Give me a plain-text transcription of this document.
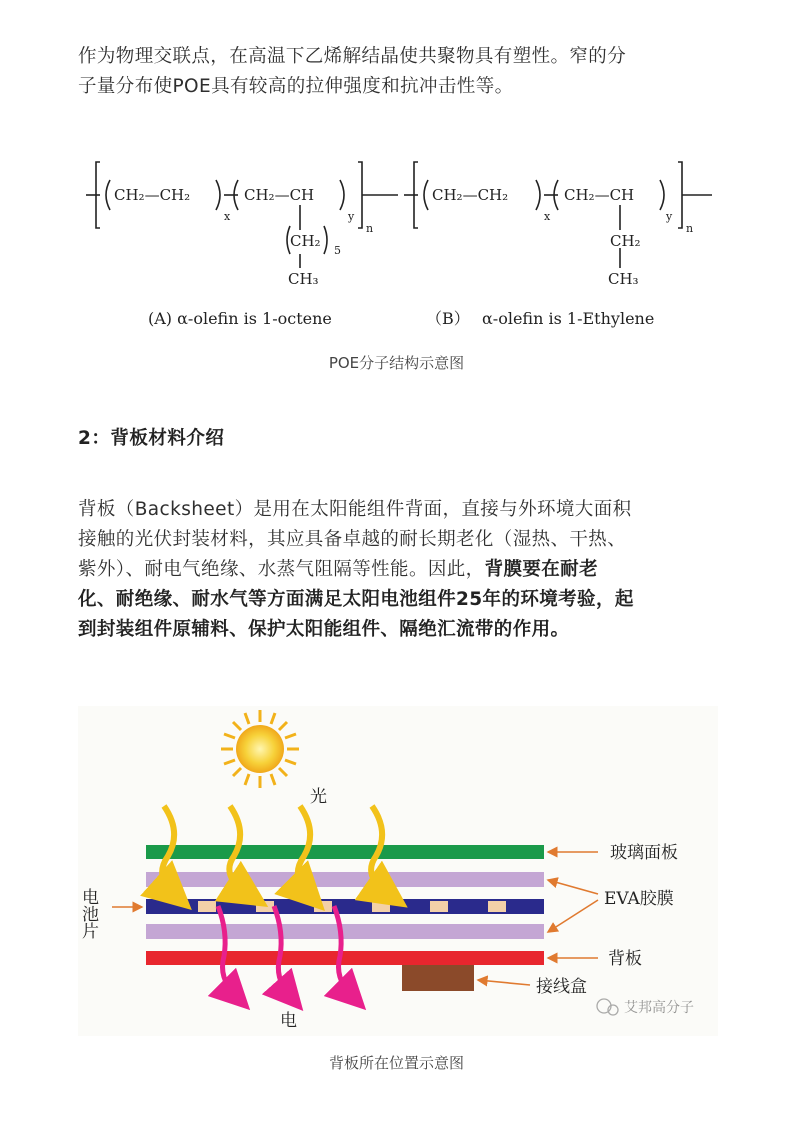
作为物理交联点，在高温下乙烯解结晶使共聚物具有塑性。窄的分
子量分布使POE具有较高的拉伸强度和抗冲击性等。

CH₂—CH₂
x
CH₂—CH
y
n
CH₂
5
CH₃
(A) α-olefin is 1-octene
CH₂—CH₂
x
CH₂—CH
y
n
CH₂
CH₃
（B） α-olefin is 1-Ethylene

POE分子结构示意图

2：背板材料介绍

背板（Backsheet）是用在太阳能组件背面，直接与外环境大面积
接触的光伏封装材料，其应具备卓越的耐长期老化（湿热、干热、
紫外）、耐电气绝缘、水蒸气阻隔等性能。因此，背膜要在耐老
化、耐绝缘、耐水气等方面满足太阳电池组件25年的环境考验，起
到封装组件原辅料、保护太阳能组件、隔绝汇流带的作用。

光
玻璃面板
EVA胶膜
背板
接线盒
电池片
电
艾邦高分子

背板所在位置示意图
